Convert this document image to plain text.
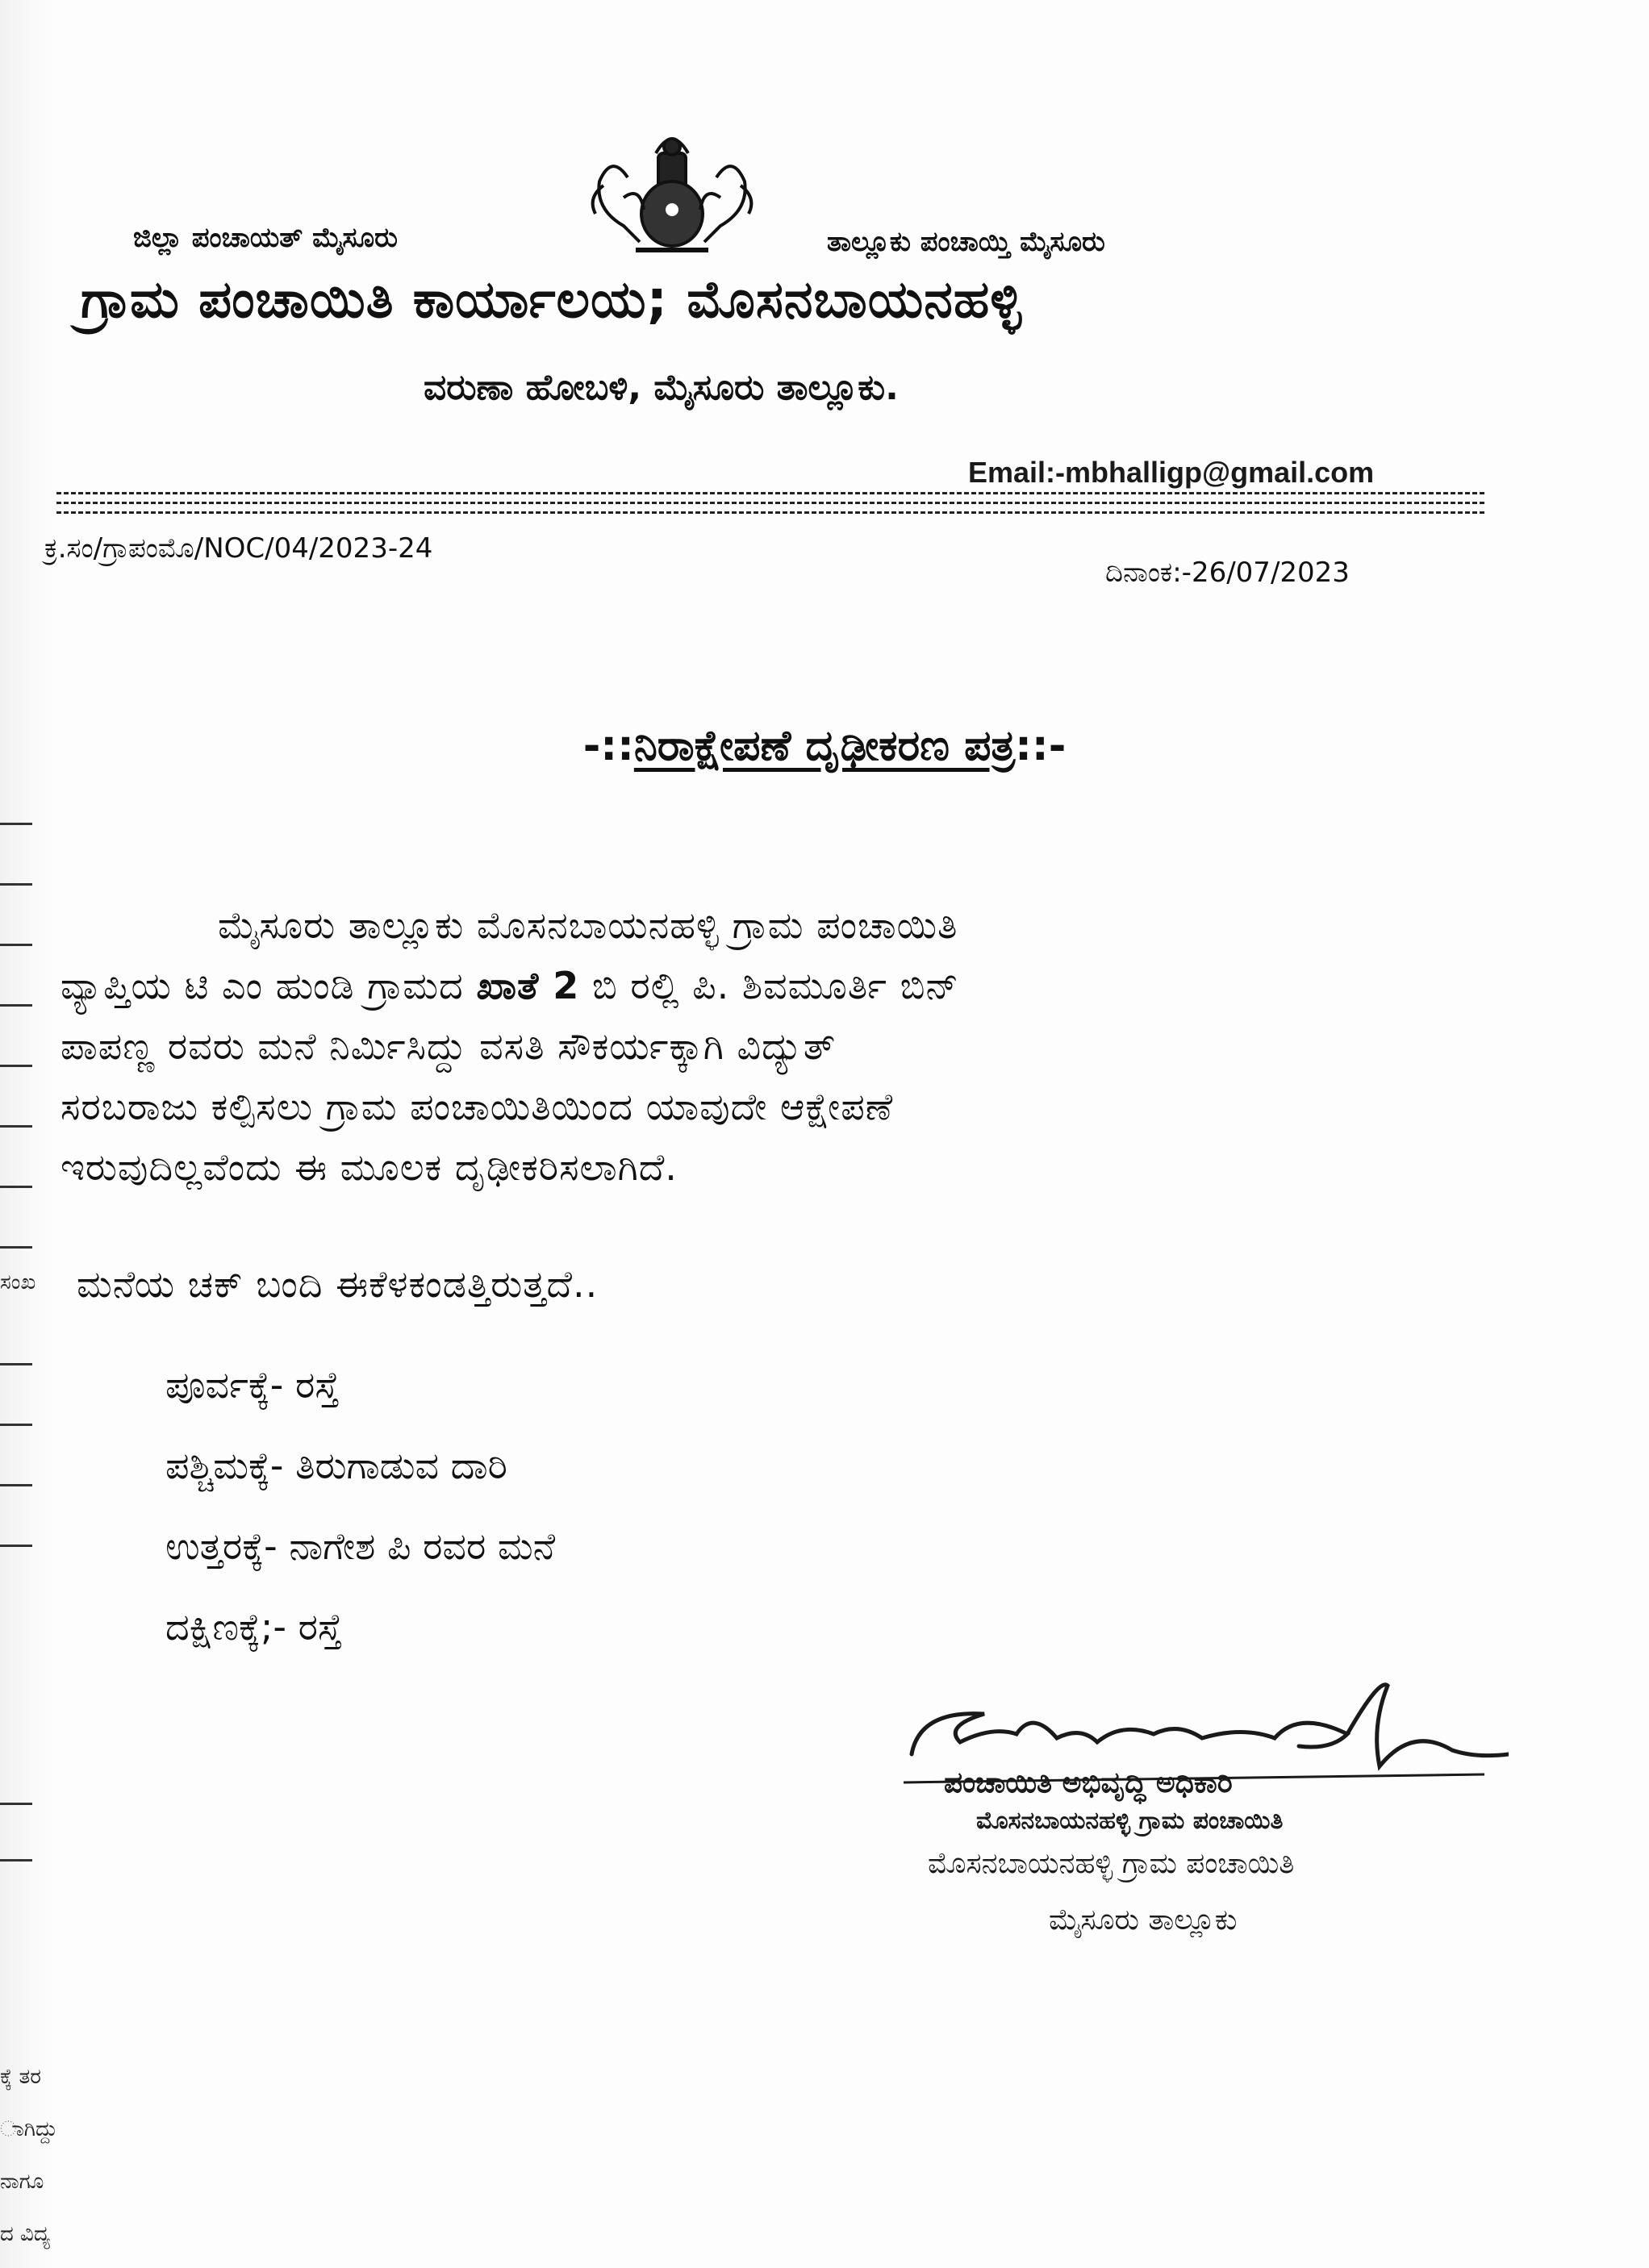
ಸಂಖ
ಕ್ಕೆ ತರ
ಾಗಿದ್ದು
ನಾಗೂ
ದ ವಿದ್ಯ
ಜಿಲ್ಲಾ ಪಂಚಾಯತ್ ಮೈಸೂರು	ತಾಲ್ಲೂಕು ಪಂಚಾಯ್ತಿ ಮೈಸೂರು
ಗ್ರಾಮ ಪಂಚಾಯಿತಿ ಕಾರ್ಯಾಲಯ; ಮೊಸನಬಾಯನಹಳ್ಳಿ
ವರುಣಾ ಹೋಬಳಿ, ಮೈಸೂರು ತಾಲ್ಲೂಕು.
Email:-mbhalligp@gmail.com
ಕ್ರ.ಸಂ/ಗ್ರಾಪಂಮೊ/NOC/04/2023-24
ದಿನಾಂಕ:-26/07/2023
-::ನಿರಾಕ್ಷೇಪಣೆ ದೃಢೀಕರಣ ಪತ್ರ::-
ಮೈಸೂರು ತಾಲ್ಲೂಕು ಮೊಸನಬಾಯನಹಳ್ಳಿ ಗ್ರಾಮ ಪಂಚಾಯಿತಿ
ವ್ಯಾಪ್ತಿಯ ಟಿ ಎಂ ಹುಂಡಿ ಗ್ರಾಮದ ಖಾತೆ 2 ಬಿ ರಲ್ಲಿ ಪಿ. ಶಿವಮೂರ್ತಿ ಬಿನ್
ಪಾಪಣ್ಣ ರವರು ಮನೆ ನಿರ್ಮಿಸಿದ್ದು ವಸತಿ ಸೌಕರ್ಯಕ್ಕಾಗಿ ವಿದ್ಯುತ್
ಸರಬರಾಜು ಕಲ್ಪಿಸಲು ಗ್ರಾಮ ಪಂಚಾಯಿತಿಯಿಂದ ಯಾವುದೇ ಆಕ್ಷೇಪಣೆ
ಇರುವುದಿಲ್ಲವೆಂದು ಈ ಮೂಲಕ ದೃಢೀಕರಿಸಲಾಗಿದೆ.
ಮನೆಯ ಚಕ್ ಬಂದಿ ಈಕೆಳಕಂಡತ್ತಿರುತ್ತದೆ..
ಪೂರ್ವಕ್ಕೆ- ರಸ್ತೆ
ಪಶ್ಚಿಮಕ್ಕೆ- ತಿರುಗಾಡುವ ದಾರಿ
ಉತ್ತರಕ್ಕೆ- ನಾಗೇಶ ಪಿ ರವರ ಮನೆ
ದಕ್ಷಿಣಕ್ಕೆ;- ರಸ್ತೆ
ಪಂಚಾಯಿತಿ ಅಭಿವೃದ್ಧಿ ಅಧಿಕಾರಿ
ಮೊಸನಬಾಯನಹಳ್ಳಿ ಗ್ರಾಮ ಪಂಚಾಯಿತಿ
ಮೊಸನಬಾಯನಹಳ್ಳಿ ಗ್ರಾಮ ಪಂಚಾಯಿತಿ
ಮೈಸೂರು ತಾಲ್ಲೂಕು
